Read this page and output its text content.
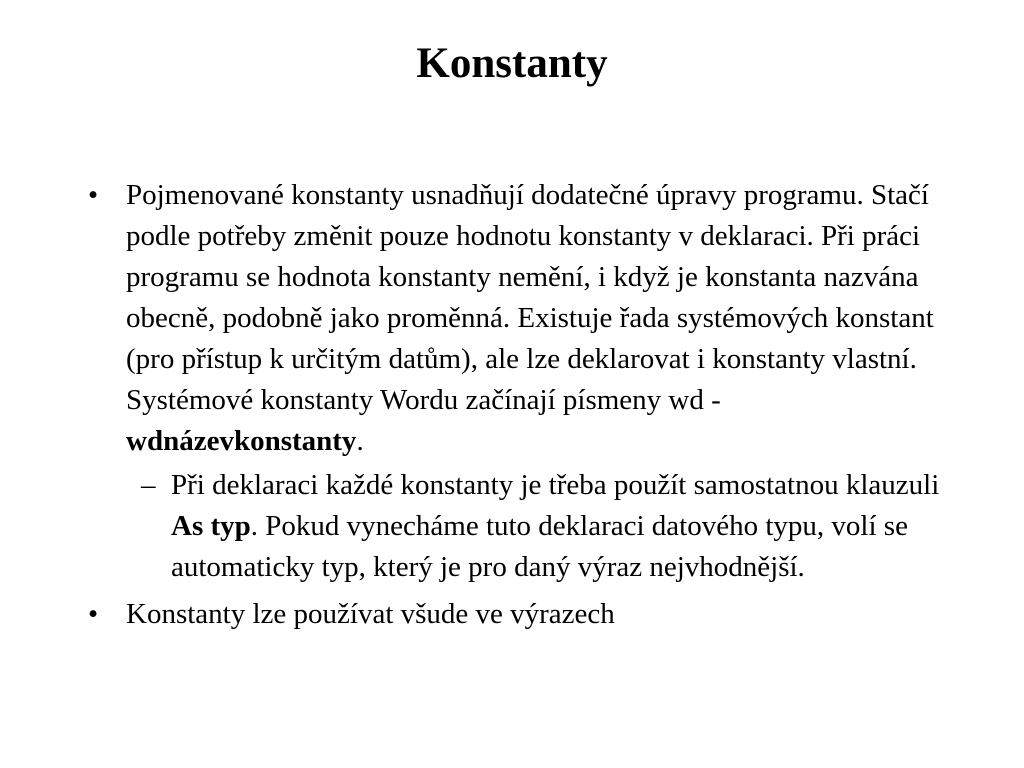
Konstanty
• Pojmenované konstanty usnadňují dodatečné úpravy programu. Stačí podle potřeby změnit pouze hodnotu konstanty v deklaraci. Při práci programu se hodnota konstanty nemění, i když je konstanta nazvána obecně, podobně jako proměnná. Existuje řada systémových konstant (pro přístup k určitým datům), ale lze deklarovat i konstanty vlastní. Systémové konstanty Wordu začínají písmeny wd - wdnázevkonstanty.
– Při deklaraci každé konstanty je třeba použít samostatnou klauzuli As typ. Pokud vynecháme tuto deklaraci datového typu, volí se automaticky typ, který je pro daný výraz nejvhodnější.
• Konstanty lze používat všude ve výrazech
